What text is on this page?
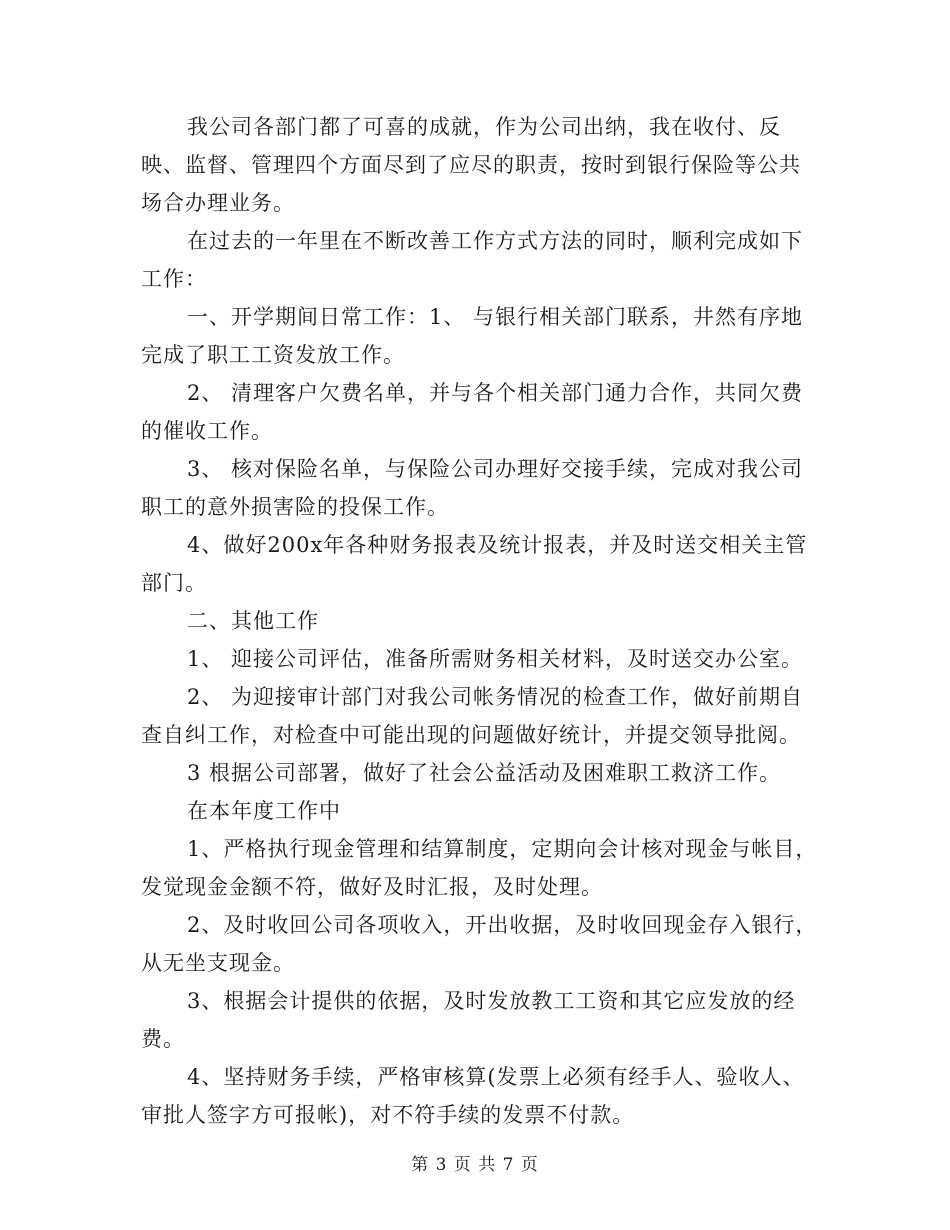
我公司各部门都了可喜的成就，作为公司出纳，我在收付、反映、监督、管理四个方面尽到了应尽的职责，按时到银行保险等公共场合办理业务。

在过去的一年里在不断改善工作方式方法的同时，顺利完成如下工作：

一、开学期间日常工作：1、 与银行相关部门联系，井然有序地完成了职工工资发放工作。

2、 清理客户欠费名单，并与各个相关部门通力合作，共同欠费的催收工作。

3、 核对保险名单，与保险公司办理好交接手续，完成对我公司职工的意外损害险的投保工作。

4、做好200x年各种财务报表及统计报表，并及时送交相关主管部门。

二、其他工作

1、 迎接公司评估，准备所需财务相关材料，及时送交办公室。

2、 为迎接审计部门对我公司帐务情况的检查工作，做好前期自查自纠工作，对检查中可能出现的问题做好统计，并提交领导批阅。

3 根据公司部署，做好了社会公益活动及困难职工救济工作。

在本年度工作中

1、严格执行现金管理和结算制度，定期向会计核对现金与帐目，发觉现金金额不符，做好及时汇报，及时处理。

2、及时收回公司各项收入，开出收据，及时收回现金存入银行，从无坐支现金。

3、根据会计提供的依据，及时发放教工工资和其它应发放的经费。

4、坚持财务手续，严格审核算(发票上必须有经手人、验收人、审批人签字方可报帐)，对不符手续的发票不付款。

第 3 页 共 7 页
